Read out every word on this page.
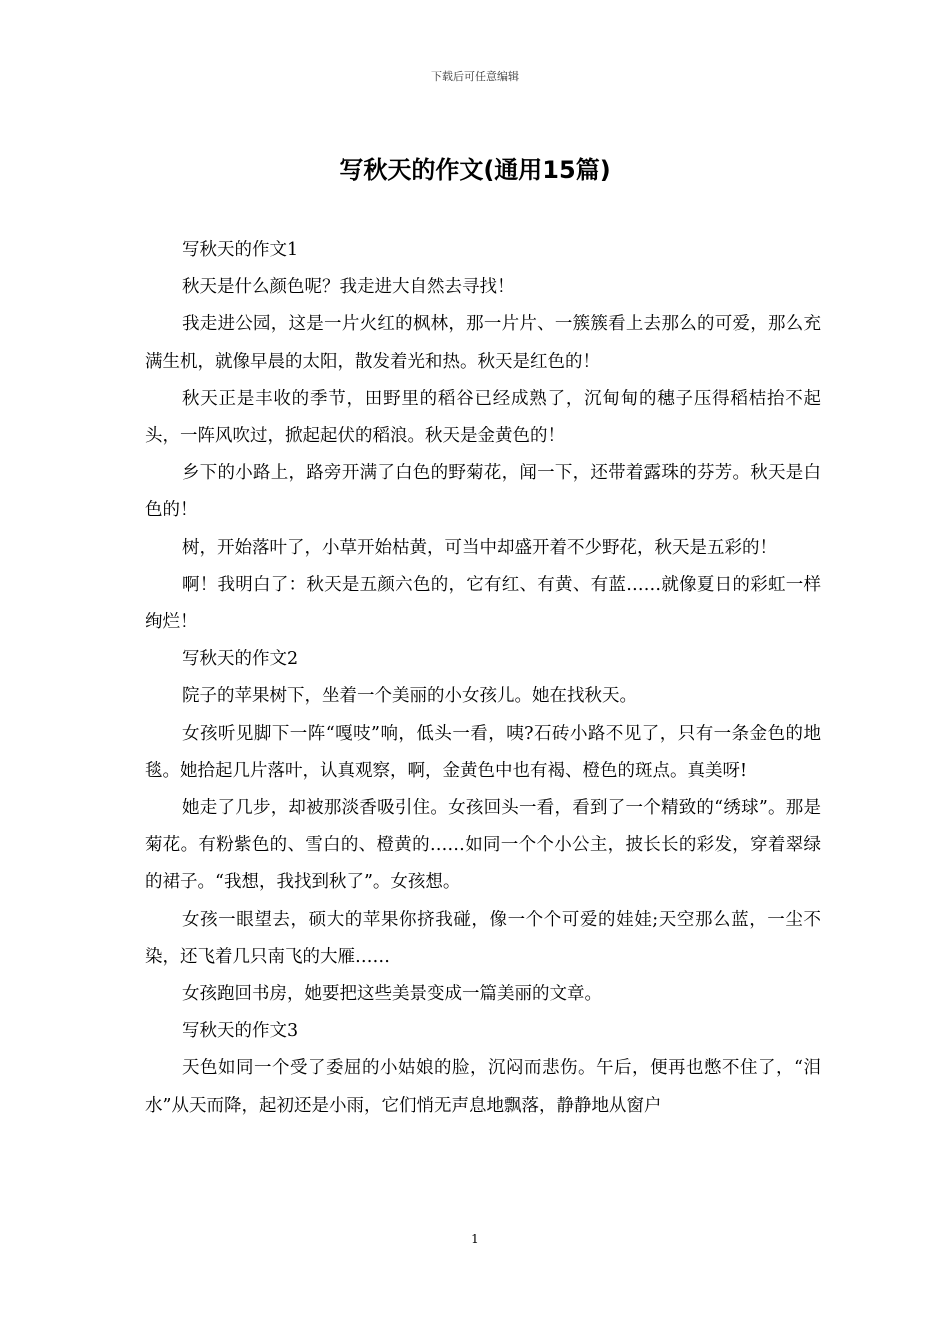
下载后可任意编辑
写秋天的作文(通用15篇)

写秋天的作文1

秋天是什么颜色呢？我走进大自然去寻找！

我走进公园，这是一片火红的枫林，那一片片、一簇簇看上去那么的可爱，那么充满生机，就像早晨的太阳，散发着光和热。秋天是红色的！

秋天正是丰收的季节，田野里的稻谷已经成熟了，沉甸甸的穗子压得稻桔抬不起头，一阵风吹过，掀起起伏的稻浪。秋天是金黄色的！

乡下的小路上，路旁开满了白色的野菊花，闻一下，还带着露珠的芬芳。秋天是白色的！

树，开始落叶了，小草开始枯黄，可当中却盛开着不少野花，秋天是五彩的！

啊！我明白了：秋天是五颜六色的，它有红、有黄、有蓝……就像夏日的彩虹一样绚烂！

写秋天的作文2

院子的苹果树下，坐着一个美丽的小女孩儿。她在找秋天。

女孩听见脚下一阵“嘎吱”响，低头一看，咦?石砖小路不见了，只有一条金色的地毯。她拾起几片落叶，认真观察，啊，金黄色中也有褐、橙色的斑点。真美呀!

她走了几步，却被那淡香吸引住。女孩回头一看，看到了一个精致的“绣球”。那是菊花。有粉紫色的、雪白的、橙黄的……如同一个个小公主，披长长的彩发，穿着翠绿的裙子。“我想，我找到秋了”。女孩想。

女孩一眼望去，硕大的苹果你挤我碰，像一个个可爱的娃娃;天空那么蓝，一尘不染，还飞着几只南飞的大雁……

女孩跑回书房，她要把这些美景变成一篇美丽的文章。

写秋天的作文3

天色如同一个受了委屈的小姑娘的脸，沉闷而悲伤。午后，便再也憋不住了，“泪水”从天而降，起初还是小雨，它们悄无声息地飘落，静静地从窗户

1
